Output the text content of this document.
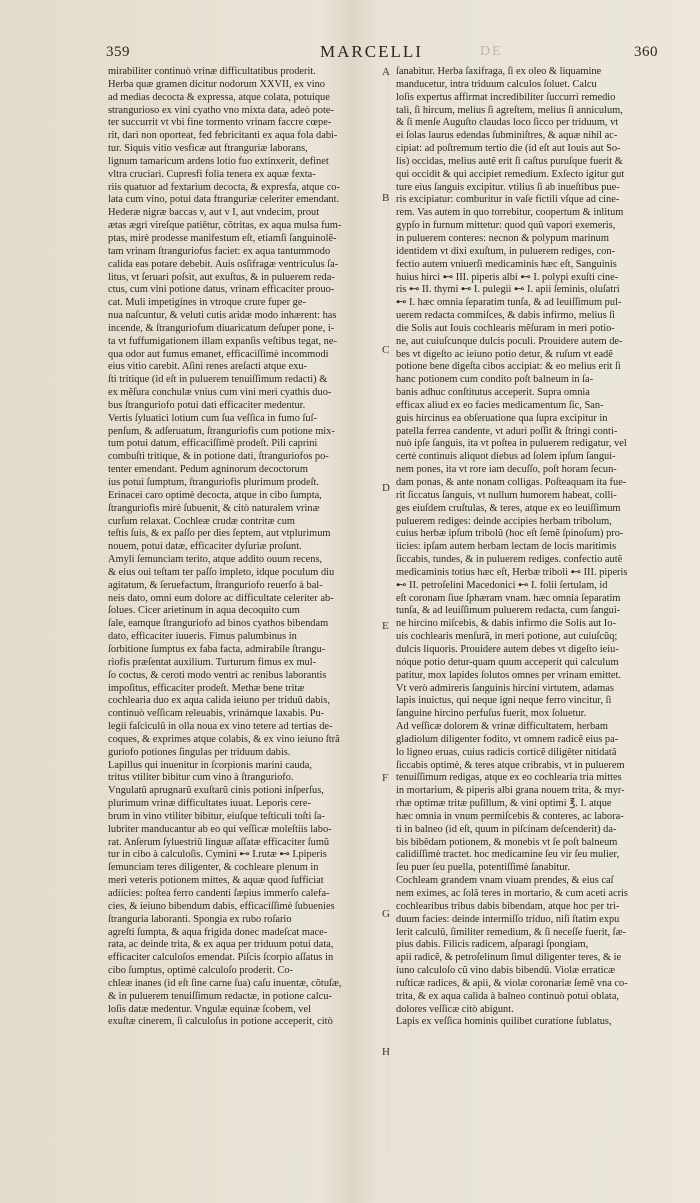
359	MARCELLI	DE	360
mirabiliter continuò vrinæ difficultatibus proderit.
Herba quæ gramen dicitur nodorum XXVII, ex vino
ad medias decocta & expressa, atque colata, potuique
strangurioso ex vini cyatho vno mixta data, adeò pote-
ter succurrit vt vbi fine tormento vrinam faccre cœpe-
rit, dari non oporteat, fed febricitanti ex aqua fola dabi-
tur. Siquis vitio vesficæ aut ftranguriæ laborans,
lignum tamaricum ardens lotio fuo extinxerit, definet
vltra cruciari. Cupresfi folia tenera ex aquæ fexta-
riis quatuor ad fextarium decocta, & expresfa, atque co-
lata cum vino, potui data ftranguriæ celeriter emendant.
Hederæ nigræ baccas v, aut v I, aut vndecim, prout
ætas ægri vireſque patiẽtur, cõtritas, ex aqua mulsa fum-
ptas, mirè prodesse manifestum eſt, etiamſi ſanguinolẽ-
tam vrinam ſtranguriofus faciet: ex aqua tantummodo
calida eas potare debebit. Auis osſifragæ ventriculus ſa-
litus, vt ſeruari poſsit, aut exuſtus, & in puluerem reda-
ctus, cum vini potione datus, vrinam efficaciter prouo-
cat. Muli impetigines in vtroque crure fuper ge-
nua naſcuntur, & veluti cutis aridæ modo inhærent: has
incende, & ſtranguriofum diuaricatum deſuper pone, i-
ta vt fuffumigationem illam expanſis veſtibus tegat, ne-
qua odor aut fumus emanet, efficaciſſimè incommodi
eius vitio carebit. Aſini renes areſacti atque exu-
ſti tritique (id eſt in puluerem tenuiſſimum redacti) &
ex mẽſura conchulæ vnius cum vini meri cyathis duo-
bus ſtranguriofo potui dati efficaciter medentur.
Vertis ſyluatici lotium cum ſua veſſica in fumo ſuſ-
penſum, & adſeruatum, ſtranguriofis cum potione mix-
tum potui datum, efficaciſſimè prodeſt. Pili caprini
combuſti tritique, & in potione dati, ſtranguriofos po-
tenter emendant. Pedum agninorum decoctorum
ius potui ſumptum, ſtranguriofis plurimum prodeſt.
Erinacei caro optimè decocta, atque in cibo ſumpta,
ſtranguriofis mirè ſubuenit, & citò naturalem vrinæ
curſum relaxat. Cochleæ crudæ contritæ cum
teſtis ſuis, & ex paſſo per dies ſeptem, aut vtplurimum
nouem, potui datæ, efficaciter dyſuriæ proſunt.
Amyli ſemunciam terito, atque addito ouum recens,
& eius oui teſtam ter paſſo impleto, idque poculum diu
agitatum, & ſeruefactum, ſtranguriofo reuerſo à bal-
neis dato, omni eum dolore ac difficultate celeriter ab-
ſolues. Cicer arietinum in aqua decoquito cum
ſale, eamque ſtranguriofo ad binos cyathos bibendam
dato, efficaciter iuueris. Fimus palumbinus in
ſorbitione ſumptus ex faba facta, admirabile ſtrangu-
riofis præſentat auxilium. Turturum fimus ex mul-
ſo coctus, & ceroti modo ventri ac renibus laborantis
impoſitus, efficaciter prodeſt. Methæ bene tritæ
cochlearia duo ex aqua calida ieiuno per triduũ dabis,
continuò veſſicam releuabis, vrinámque laxabis. Pu-
legii faſciculũ in olla noua ex vino tetere ad tertias de-
coques, & exprimes atque colabis, & ex vino ieiuno ſtrã
guriofo potiones ſingulas per triduum dabis.
Lapillus qui inuenitur in ſcorpionis marini cauda,
tritus vtiliter bibitur cum vino à ſtranguriofo.
Vngulatũ aprugnarũ exuſtarũ cinis potioni inſperſus,
plurimum vrinæ difficultates iuuat. Leporis cere-
brum in vino vtiliter bibitur, eiuſque teſticuli toſti ſa-
lubriter manducantur ab eo qui veſſicæ moleſtiis labo-
rat. Anſerum ſyluestriũ linguæ aſſatæ efficaciter ſumũ
tur in cibo à calculoſis. Cymini ⊷ I.rutæ ⊷ I.piperis
ſemunciam teres diligenter, & cochleare plenum in
meri veteris potionem mittes, & aquæ quod ſufficiat
adiicies: poſtea ferro candenti ſæpius immerſo calefa-
cies, & ieiuno bibendum dabis, efficaciſſimè ſubuenies
ſtranguria laboranti. Spongia ex rubo roſario
agreſti ſumpta, & aqua frigida donec madeſcat mace-
rata, ac deinde trita, & ex aqua per triduum potui data,
efficaciter calculoſos emendat. Piſcis ſcorpio aſſatus in
cibo ſumptus, optimè calculoſo proderit. Co-
chleæ inanes (id eſt ſine carne ſua) caſu inuentæ, cõtuſæ,
& in puluerem tenuiſſimum redactæ, in potione calcu-
loſis datæ medentur. Vngulæ equinæ ſcobem, vel
exuſtæ cinerem, ſi calculoſus in potione acceperit, citò
ſanabitur. Herba ſaxifraga, ſi ex oleo & liquamine
manducetur, intra triduum calculos ſoluet. Calcu
loſis expertus affirmat incredibiliter ſuccurri remedio
tali, ſi hircum, melius ſi agreſtem, melius ſi anniculum,
& ſi menſe Auguſto claudas loco ſicco per triduum, vt
ei ſolas laurus edendas ſubminiſtres, & aquæ nihil ac-
cipiat: ad poſtremum tertio die (id eſt aut Iouis aut So-
lis) occidas, melius autẽ erit ſi caſtus puruſque fuerit &
qui occidit & qui accipiet remedium. Exſecto igitur gut
ture eius ſanguis excipitur. vtilius ſi ab inueſtibus pue-
ris excipiatur: comburitur in vaſe fictili vſque ad cine-
rem. Vas autem in quo torrebitur, coopertum & inlitum
gypſo in furnum mittetur: quod quũ vapori exemeris,
in puluerem conteres: necnon & polypum marinum
identidem vt dixi exuſtum, in puluerem rediges, con-
fectio autem vniuerſi medicaminis hæc eſt, Sanguinis
huius hirci ⊷ III. piperis albi ⊷ I. polypi exuſti cine-
ris ⊷ II. thymi ⊷ I. pulegii ⊷ I. apii ſeminis, oluſatri
⊷ I. hæc omnia ſeparatim tunſa, & ad leuiſſimum pul-
uerem redacta commiſces, & dabis infirmo, melius ſi
die Solis aut Iouis cochlearis mẽſuram in meri potio-
ne, aut cuiuſcunque dulcis poculi. Prouidere autem de-
bes vt digeſto ac ieiuno potio detur, & ruſum vt eadẽ
potione bene digeſta cibos accipiat: & eo melius erit ſi
hanc potionem cum condito poſt balneum in ſa-
banis adhuc conſtitutus acceperit. Supra omnia
efficax aliud ex eo facies medicamentum ſic, San-
guis hircinus ea obſeruatione qua ſupra excipitur in
patella ferrea candente, vt aduri poſſit & ſtringi conti-
nuò ipſe ſanguis, ita vt poſtea in puluerem redigatur, vel
certè continuis aliquot diebus ad ſolem ipſum ſangui-
nem pones, ita vt rore iam decuſſo, poſt horam ſecun-
dam ponas, & ante nonam colligas. Poſteaquam ita fue-
rit ſiccatus ſanguis, vt nullum humorem habeat, colli-
ges eiuſdem cruſtulas, & teres, atque ex eo leuiſſimum
puluerem rediges: deinde accipies herbam tribolum,
cuius herbæ ipſum tribolũ (hoc eſt ſemẽ ſpinoſum) pro-
iicies: ipſam autem herbam lectam de locis maritimis
ſiccabis, tundes, & in puluerem rediges. confectio autẽ
medicaminis totius hæc eſt, Herbæ triboli ⊷ III. piperis
⊷ II. petroſelini Macedonici ⊷ I. folii ſertulam, id
eſt coronam ſiue ſphæram vnam. hæc omnia ſeparatim
tunſa, & ad leuiſſimum puluerem redacta, cum ſangui-
ne hircino miſcebis, & dabis infirmo die Solis aut Io-
uis cochlearis menſurã, in meri potione, aut cuiuſcũq;
dulcis liquoris. Prouidere autem debes vt digeſto ieiu-
nóque potio detur-quam quum acceperit qui calculum
patitur, mox lapides ſolutos omnes per vrinam emittet.
Vt verò admireris ſanguinis hircini virtutem, adamas
lapis inuictus, qui neque igni neque ferro vincitur, ſi
ſanguine hircino perfuſus fuerit, mox ſoluetur.
Ad veſſicæ dolorem & vrinæ difficultatem, herbam
gladiolum diligenter fodito, vt omnem radicẽ eius pa-
lo ligneo eruas, cuius radicis corticẽ diligẽter nitidatã
ſiccabis optimè, & teres atque cribrabis, vt in puluerem
tenuiſſimum redigas, atque ex eo cochlearia tria mittes
in mortarium, & piperis albi grana nouem trita, & myr-
rhæ optimæ tritæ puſillum, & vini optimi ℥. I. atque
hæc omnia in vnum permiſcebis & conteres, ac labora-
ti in balneo (id eſt, quum in piſcinam deſcenderit) da-
bis bibẽdam potionem, & monebis vt ſe poſt balneum
calidiſſimè tractet. hoc medicamine ſeu vir ſeu mulier,
ſeu puer ſeu puella, potentiſſimè ſanabitur.
Cochleam grandem vnam viuam prendes, & eius caſ
nem eximes, ac ſolã teres in mortario, & cum aceti acris
cochlearibus tribus dabis bibendam, atque hoc per tri-
duum facies: deinde intermiſſo triduo, niſi ſtatim expu
lerit calculũ, ſimiliter remedium, & ſi neceſſe fuerit, ſæ-
pius dabis. Filicis radicem, aſparagi ſpongiam,
apii radicẽ, & petroſelinum ſimul diligenter teres, & ie
iuno calculoſo cũ vino dabis bibendũ. Violæ erraticæ
ruſticæ radices, & apii, & violæ coronariæ ſemẽ vna co-
trita, & ex aqua calida à balneo continuò potui oblata,
dolores veſſicæ citò abigunt.
Lapis ex veſſica hominis quilibet curatione ſublatus,
A
B
C
D
E
F
G
H
